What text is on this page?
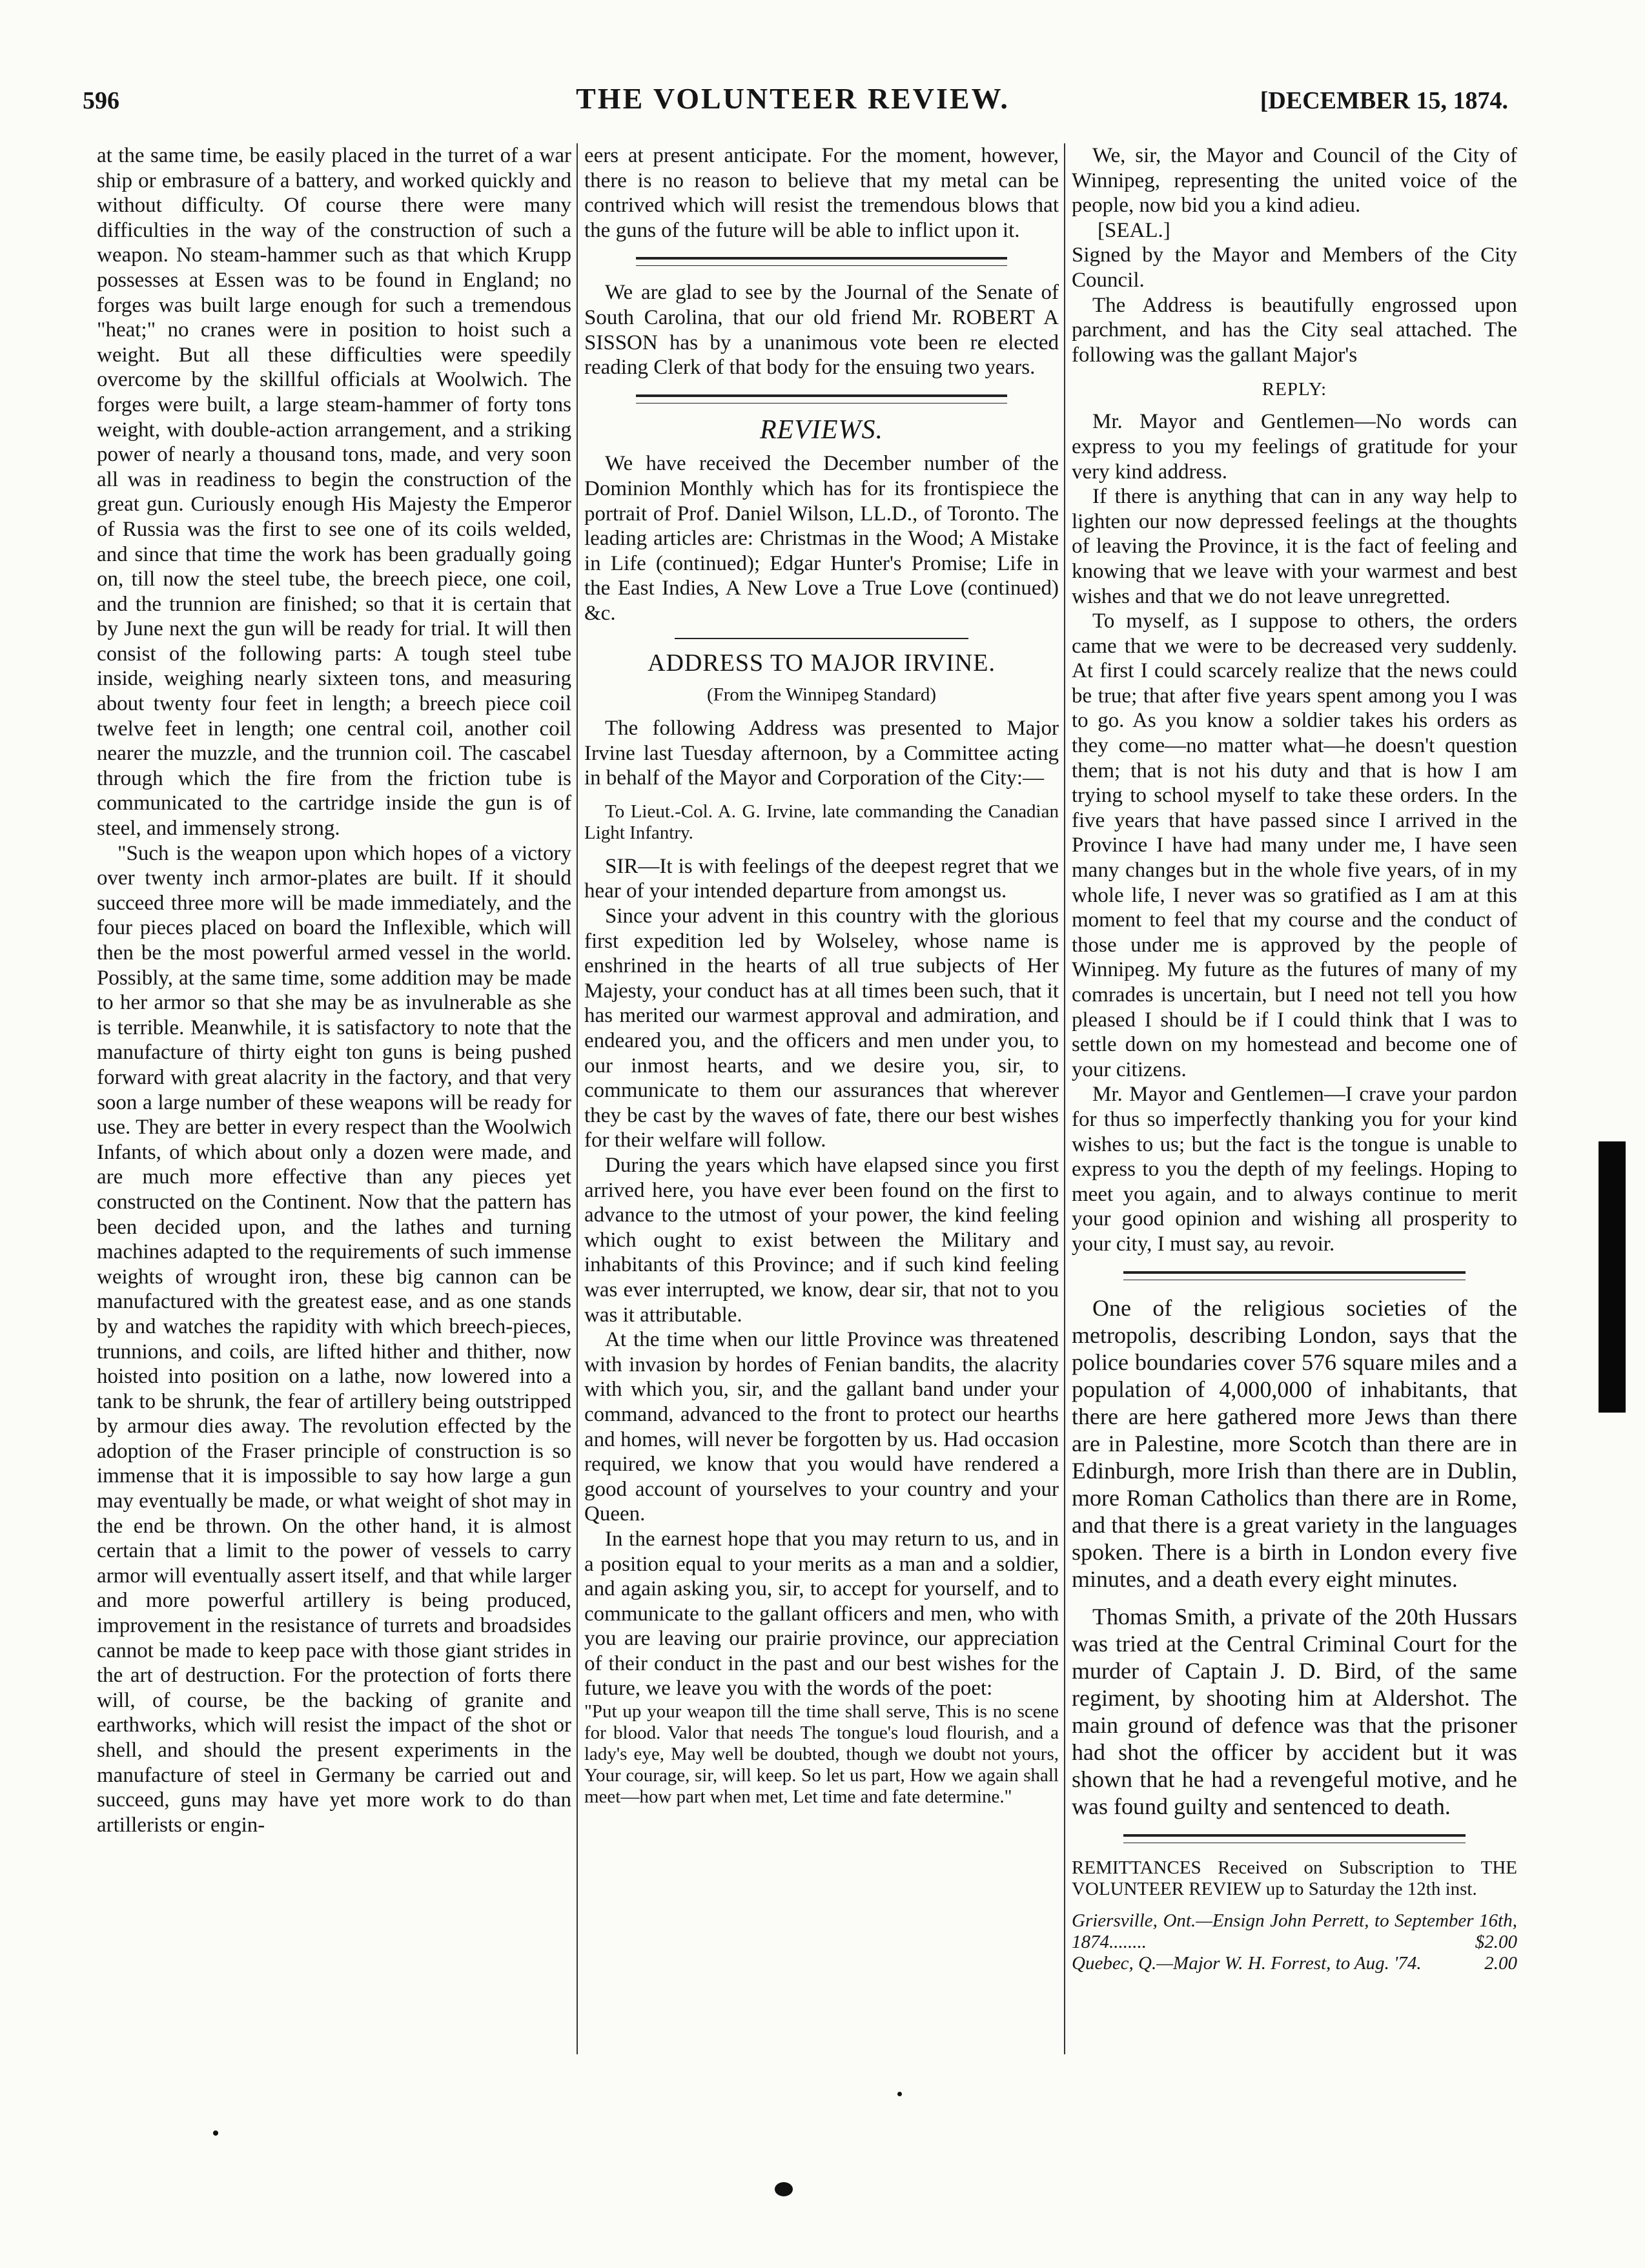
596	THE VOLUNTEER REVIEW.	[DECEMBER 15, 1874.

at the same time, be easily placed in the turret of a war ship or embrasure of a battery, and worked quickly and without difficulty. Of course there were many difficulties in the way of the construction of such a weapon. No steam-hammer such as that which Krupp possesses at Essen was to be found in England; no forges was built large enough for such a tremendous "heat;" no cranes were in position to hoist such a weight. But all these difficulties were speedily overcome by the skillful officials at Woolwich. The forges were built, a large steam-hammer of forty tons weight, with double-action arrangement, and a striking power of nearly a thousand tons, made, and very soon all was in readiness to begin the construction of the great gun. Curiously enough His Majesty the Emperor of Russia was the first to see one of its coils welded, and since that time the work has been gradually going on, till now the steel tube, the breech piece, one coil, and the trunnion are finished; so that it is certain that by June next the gun will be ready for trial. It will then consist of the following parts: A tough steel tube inside, weighing nearly sixteen tons, and measuring about twenty four feet in length; a breech piece coil twelve feet in length; one central coil, another coil nearer the muzzle, and the trunnion coil. The cascabel through which the fire from the friction tube is communicated to the cartridge inside the gun is of steel, and immensely strong.

"Such is the weapon upon which hopes of a victory over twenty inch armor-plates are built. If it should succeed three more will be made immediately, and the four pieces placed on board the Inflexible, which will then be the most powerful armed vessel in the world. Possibly, at the same time, some addition may be made to her armor so that she may be as invulnerable as she is terrible. Meanwhile, it is satisfactory to note that the manufacture of thirty eight ton guns is being pushed forward with great alacrity in the factory, and that very soon a large number of these weapons will be ready for use. They are better in every respect than the Woolwich Infants, of which about only a dozen were made, and are much more effective than any pieces yet constructed on the Continent. Now that the pattern has been decided upon, and the lathes and turning machines adapted to the requirements of such immense weights of wrought iron, these big cannon can be manufactured with the greatest ease, and as one stands by and watches the rapidity with which breech-pieces, trunnions, and coils, are lifted hither and thither, now hoisted into position on a lathe, now lowered into a tank to be shrunk, the fear of artillery being outstripped by armour dies away. The revolution effected by the adoption of the Fraser principle of construction is so immense that it is impossible to say how large a gun may eventually be made, or what weight of shot may in the end be thrown. On the other hand, it is almost certain that a limit to the power of vessels to carry armor will eventually assert itself, and that while larger and more powerful artillery is being produced, improvement in the resistance of turrets and broadsides cannot be made to keep pace with those giant strides in the art of destruction. For the protection of forts there will, of course, be the backing of granite and earthworks, which will resist the impact of the shot or shell, and should the present experiments in the manufacture of steel in Germany be carried out and succeed, guns may have yet more work to do than artillerists or engin-

eers at present anticipate. For the moment, however, there is no reason to believe that my metal can be contrived which will resist the tremendous blows that the guns of the future will be able to inflict upon it.

We are glad to see by the Journal of the Senate of South Carolina, that our old friend Mr. ROBERT A SISSON has by a unanimous vote been re elected reading Clerk of that body for the ensuing two years.

REVIEWS.

We have received the December number of the Dominion Monthly which has for its frontispiece the portrait of Prof. Daniel Wilson, LL.D., of Toronto. The leading articles are: Christmas in the Wood; A Mistake in Life (continued); Edgar Hunter's Promise; Life in the East Indies, A New Love a True Love (continued) &c.

ADDRESS TO MAJOR IRVINE.

(From the Winnipeg Standard)

The following Address was presented to Major Irvine last Tuesday afternoon, by a Committee acting in behalf of the Mayor and Corporation of the City:—

To Lieut.-Col. A. G. Irvine, late commanding the Canadian Light Infantry.

SIR—It is with feelings of the deepest regret that we hear of your intended departure from amongst us.

Since your advent in this country with the glorious first expedition led by Wolseley, whose name is enshrined in the hearts of all true subjects of Her Majesty, your conduct has at all times been such, that it has merited our warmest approval and admiration, and endeared you, and the officers and men under you, to our inmost hearts, and we desire you, sir, to communicate to them our assurances that wherever they be cast by the waves of fate, there our best wishes for their welfare will follow.

During the years which have elapsed since you first arrived here, you have ever been found on the first to advance to the utmost of your power, the kind feeling which ought to exist between the Military and inhabitants of this Province; and if such kind feeling was ever interrupted, we know, dear sir, that not to you was it attributable.

At the time when our little Province was threatened with invasion by hordes of Fenian bandits, the alacrity with which you, sir, and the gallant band under your command, advanced to the front to protect our hearths and homes, will never be forgotten by us. Had occasion required, we know that you would have rendered a good account of yourselves to your country and your Queen.

In the earnest hope that you may return to us, and in a position equal to your merits as a man and a soldier, and again asking you, sir, to accept for yourself, and to communicate to the gallant officers and men, who with you are leaving our prairie province, our appreciation of their conduct in the past and our best wishes for the future, we leave you with the words of the poet:

"Put up your weapon till the time shall serve, This is no scene for blood. Valor that needs The tongue's loud flourish, and a lady's eye, May well be doubted, though we doubt not yours, Your courage, sir, will keep. So let us part, How we again shall meet—how part when met, Let time and fate determine."

We, sir, the Mayor and Council of the City of Winnipeg, representing the united voice of the people, now bid you a kind adieu.

[SEAL.]

Signed by the Mayor and Members of the City Council.

The Address is beautifully engrossed upon parchment, and has the City seal attached. The following was the gallant Major's

REPLY:

Mr. Mayor and Gentlemen—No words can express to you my feelings of gratitude for your very kind address.

If there is anything that can in any way help to lighten our now depressed feelings at the thoughts of leaving the Province, it is the fact of feeling and knowing that we leave with your warmest and best wishes and that we do not leave unregretted.

To myself, as I suppose to others, the orders came that we were to be decreased very suddenly. At first I could scarcely realize that the news could be true; that after five years spent among you I was to go. As you know a soldier takes his orders as they come—no matter what—he doesn't question them; that is not his duty and that is how I am trying to school myself to take these orders. In the five years that have passed since I arrived in the Province I have had many under me, I have seen many changes but in the whole five years, of in my whole life, I never was so gratified as I am at this moment to feel that my course and the conduct of those under me is approved by the people of Winnipeg. My future as the futures of many of my comrades is uncertain, but I need not tell you how pleased I should be if I could think that I was to settle down on my homestead and become one of your citizens.

Mr. Mayor and Gentlemen—I crave your pardon for thus so imperfectly thanking you for your kind wishes to us; but the fact is the tongue is unable to express to you the depth of my feelings. Hoping to meet you again, and to always continue to merit your good opinion and wishing all prosperity to your city, I must say, au revoir.

One of the religious societies of the metropolis, describing London, says that the police boundaries cover 576 square miles and a population of 4,000,000 of inhabitants, that there are here gathered more Jews than there are in Palestine, more Scotch than there are in Edinburgh, more Irish than there are in Dublin, more Roman Catholics than there are in Rome, and that there is a great variety in the languages spoken. There is a birth in London every five minutes, and a death every eight minutes.

Thomas Smith, a private of the 20th Hussars was tried at the Central Criminal Court for the murder of Captain J. D. Bird, of the same regiment, by shooting him at Aldershot. The main ground of defence was that the prisoner had shot the officer by accident but it was shown that he had a revengeful motive, and he was found guilty and sentenced to death.

REMITTANCES Received on Subscription to THE VOLUNTEER REVIEW up to Saturday the 12th inst.

Griersville, Ont.—Ensign John Perrett, to September 16th, 1874........	$2.00

Quebec, Q.—Major W. H. Forrest, to Aug. '74.	2.00
